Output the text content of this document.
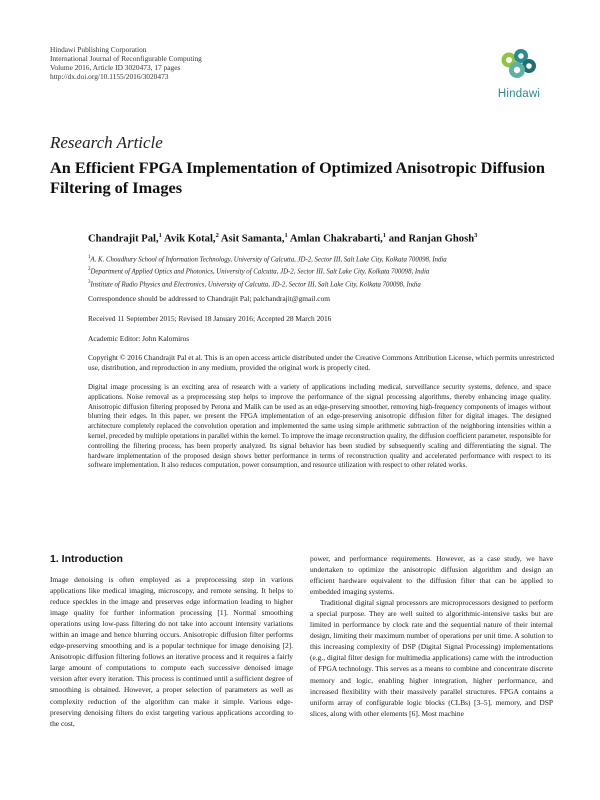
Hindawi Publishing Corporation
International Journal of Reconfigurable Computing
Volume 2016, Article ID 3020473, 17 pages
http://dx.doi.org/10.1155/2016/3020473
Hindawi
Research Article
An Efficient FPGA Implementation of Optimized Anisotropic Diffusion Filtering of Images
Chandrajit Pal,$^1$ Avik Kotal,$^2$ Asit Samanta,$^1$ Amlan Chakrabarti,$^1$ and Ranjan Ghosh$^3$
$^1$A. K. Choudhury School of Information Technology, University of Calcutta, JD-2, Sector III, Salt Lake City, Kolkata 700098, India
$^2$Department of Applied Optics and Photonics, University of Calcutta, JD-2, Sector III, Salt Lake City, Kolkata 700098, India
$^3$Institute of Radio Physics and Electronics, University of Calcutta, JD-2, Sector III, Salt Lake City, Kolkata 700098, India
Correspondence should be addressed to Chandrajit Pal; palchandrajit@gmail.com
Received 11 September 2015; Revised 18 January 2016; Accepted 28 March 2016
Academic Editor: John Kalomiros
Copyright © 2016 Chandrajit Pal et al. This is an open access article distributed under the Creative Commons Attribution License, which permits unrestricted use, distribution, and reproduction in any medium, provided the original work is properly cited.
Digital image processing is an exciting area of research with a variety of applications including medical, surveillance security systems, defence, and space applications. Noise removal as a preprocessing step helps to improve the performance of the signal processing algorithms, thereby enhancing image quality. Anisotropic diffusion filtering proposed by Perona and Malik can be used as an edge-preserving smoother, removing high-frequency components of images without blurring their edges. In this paper, we present the FPGA implementation of an edge-preserving anisotropic diffusion filter for digital images. The designed architecture completely replaced the convolution operation and implemented the same using simple arithmetic subtraction of the neighboring intensities within a kernel, preceded by multiple operations in parallel within the kernel. To improve the image reconstruction quality, the diffusion coefficient parameter, responsible for controlling the filtering process, has been properly analyzed. Its signal behavior has been studied by subsequently scaling and differentiating the signal. The hardware implementation of the proposed design shows better performance in terms of reconstruction quality and accelerated performance with respect to its software implementation. It also reduces computation, power consumption, and resource utilization with respect to other related works.
1. Introduction

Image denoising is often employed as a preprocessing step in various applications like medical imaging, microscopy, and remote sensing. It helps to reduce speckles in the image and preserves edge information leading to higher image quality for further information processing [1]. Normal smoothing operations using low-pass filtering do not take into account intensity variations within an image and hence blurring occurs. Anisotropic diffusion filter performs edge-preserving smoothing and is a popular technique for image denoising [2]. Anisotropic diffusion filtering follows an iterative process and it requires a fairly large amount of computations to compute each successive denoised image version after every iteration. This process is continued until a sufficient degree of smoothing is obtained. However, a proper selection of parameters as well as complexity reduction of the algorithm can make it simple. Various edge-preserving denoising filters do exist targeting various applications according to the cost,

power, and performance requirements. However, as a case study, we have undertaken to optimize the anisotropic diffusion algorithm and design an efficient hardware equivalent to the diffusion filter that can be applied to embedded imaging systems.

Traditional digital signal processors are microprocessors designed to perform a special purpose. They are well suited to algorithmic-intensive tasks but are limited in performance by clock rate and the sequential nature of their internal design, limiting their maximum number of operations per unit time. A solution to this increasing complexity of DSP (Digital Signal Processing) implementations (e.g., digital filter design for multimedia applications) came with the introduction of FPGA technology. This serves as a means to combine and concentrate discrete memory and logic, enabling higher integration, higher performance, and increased flexibility with their massively parallel structures. FPGA contains a uniform array of configurable logic blocks (CLBs) [3–5], memory, and DSP slices, along with other elements [6]. Most machine
